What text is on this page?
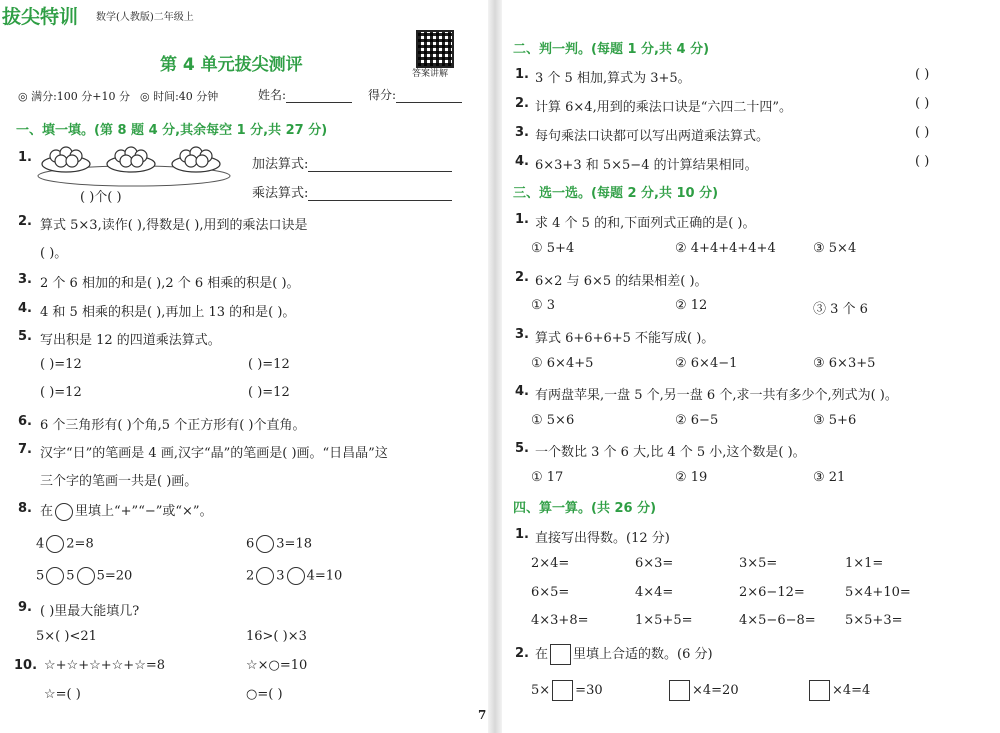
拔尖特训 数学(人教版)二年级上
第 4 单元拔尖测评	答案讲解
◎ 满分:100 分+10 分 ◎ 时间:40 分钟	姓名:	得分:
一、填一填。(第 8 题 4 分,其余每空 1 分,共 27 分)
1.
( )个( )
加法算式:
乘法算式:
2. 算式 5×3,读作( ),得数是( ),用到的乘法口诀是
( )。
3. 2 个 6 相加的和是( ),2 个 6 相乘的积是( )。
4. 4 和 5 相乘的积是( ),再加上 13 的和是( )。
5. 写出积是 12 的四道乘法算式。
( )=12	( )=12
( )=12	( )=12
6. 6 个三角形有( )个角,5 个正方形有( )个直角。
7. 汉字“日”的笔画是 4 画,汉字“晶”的笔画是( )画。“日昌晶”这
三个字的笔画一共是( )画。
8. 在 里填上“+”“−”或“×”。
4 2=8	6 3=18
5 5 5=20	2 3 4=10
9. ( )里最大能填几?
5×( )<21	16>( )×3
10. ☆+☆+☆+☆+☆=8	☆×○=10
☆=( )	○=( )
二、判一判。(每题 1 分,共 4 分)
1. 3 个 5 相加,算式为 3+5。	( )
2. 计算 6×4,用到的乘法口诀是“六四二十四”。	( )
3. 每句乘法口诀都可以写出两道乘法算式。	( )
4. 6×3+3 和 5×5−4 的计算结果相同。	( )
三、选一选。(每题 2 分,共 10 分)
1. 求 4 个 5 的和,下面列式正确的是( )。
① 5+4	② 4+4+4+4+4	③ 5×4
2. 6×2 与 6×5 的结果相差( )。
① 3	② 12	③ 3 个 6
3. 算式 6+6+6+5 不能写成( )。
① 6×4+5	② 6×4−1	③ 6×3+5
4. 有两盘苹果,一盘 5 个,另一盘 6 个,求一共有多少个,列式为( )。
① 5×6	② 6−5	③ 5+6
5. 一个数比 3 个 6 大,比 4 个 5 小,这个数是( )。
① 17	② 19	③ 21
四、算一算。(共 26 分)
1. 直接写出得数。(12 分)
2×4=	6×3=	3×5=	1×1=
6×5=	4×4=	2×6−12=	5×4+10=
4×3+8=	1×5+5=	4×5−6−8= 5×5+3=
2. 在 里填上合适的数。(6 分)
5× =30	×4=20	×4=4
7
